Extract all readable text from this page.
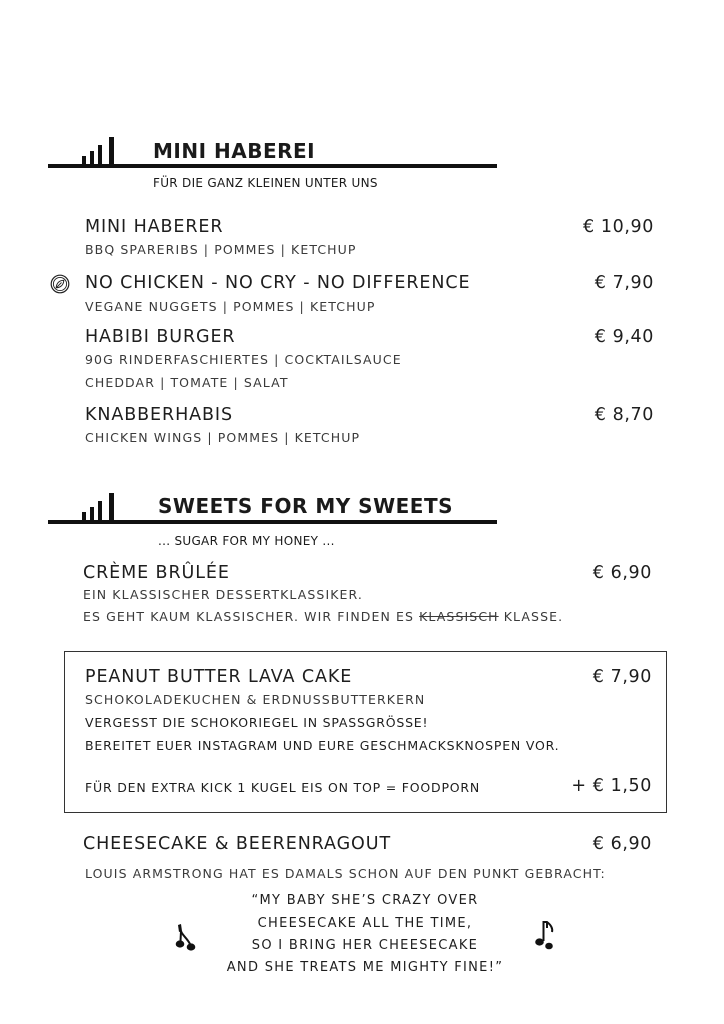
MINI HABEREI
FÜR DIE GANZ KLEINEN UNTER UNS
MINI HABERER	€ 10,90
BBQ SPARERIBS | POMMES | KETCHUP
NO CHICKEN - NO CRY - NO DIFFERENCE	€ 7,90
VEGANE NUGGETS | POMMES | KETCHUP
HABIBI BURGER	€ 9,40
90G RINDERFASCHIERTES | COCKTAILSAUCE
CHEDDAR | TOMATE | SALAT
KNABBERHABIS	€ 8,70
CHICKEN WINGS | POMMES | KETCHUP
SWEETS FOR MY SWEETS
... SUGAR FOR MY HONEY ...
CRÈME BRÛLÉE	€ 6,90
EIN KLASSISCHER DESSERTKLASSIKER.
ES GEHT KAUM KLASSISCHER. WIR FINDEN ES KLASSISCH KLASSE.
PEANUT BUTTER LAVA CAKE	€ 7,90
SCHOKOLADEKUCHEN & ERDNUSSBUTTERKERN
VERGESST DIE SCHOKORIEGEL IN SPASSGRÖSSE!
BEREITET EUER INSTAGRAM UND EURE GESCHMACKSKNOSPEN VOR.
FÜR DEN EXTRA KICK 1 KUGEL EIS ON TOP = FOODPORN	+ € 1,50
CHEESECAKE & BEERENRAGOUT	€ 6,90
LOUIS ARMSTRONG HAT ES DAMALS SCHON AUF DEN PUNKT GEBRACHT:
“MY BABY SHE’S CRAZY OVER
CHEESECAKE ALL THE TIME,
SO I BRING HER CHEESECAKE
AND SHE TREATS ME MIGHTY FINE!”
